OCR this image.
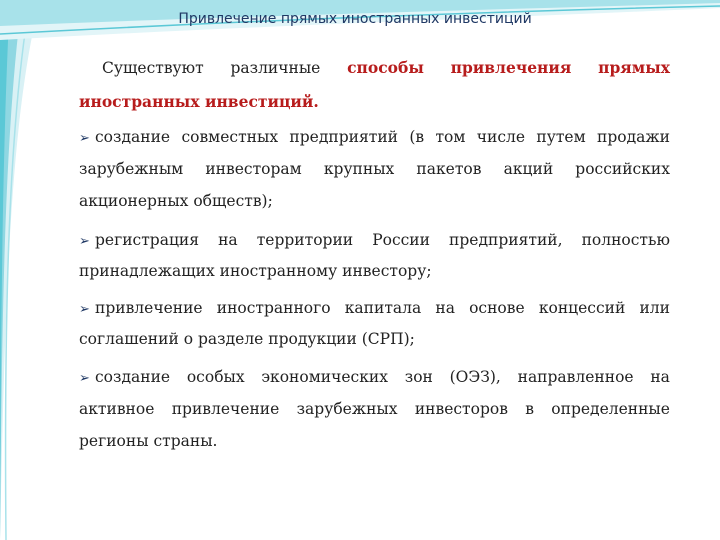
Привлечение прямых иностранных инвестиций
Существуют различные способы привлечения прямых
иностранных инвестиций.
➢ создание совместных предприятий (в том числе путем продажи
зарубежным инвесторам крупных пакетов акций российских
акционерных обществ);
➢ регистрация на территории России предприятий, полностью
принадлежащих иностранному инвестору;
➢ привлечение иностранного капитала на основе концессий или
соглашений о разделе продукции (СРП);
➢ создание особых экономических зон (ОЭЗ), направленное на
активное привлечение зарубежных инвесторов в определенные
регионы страны.
